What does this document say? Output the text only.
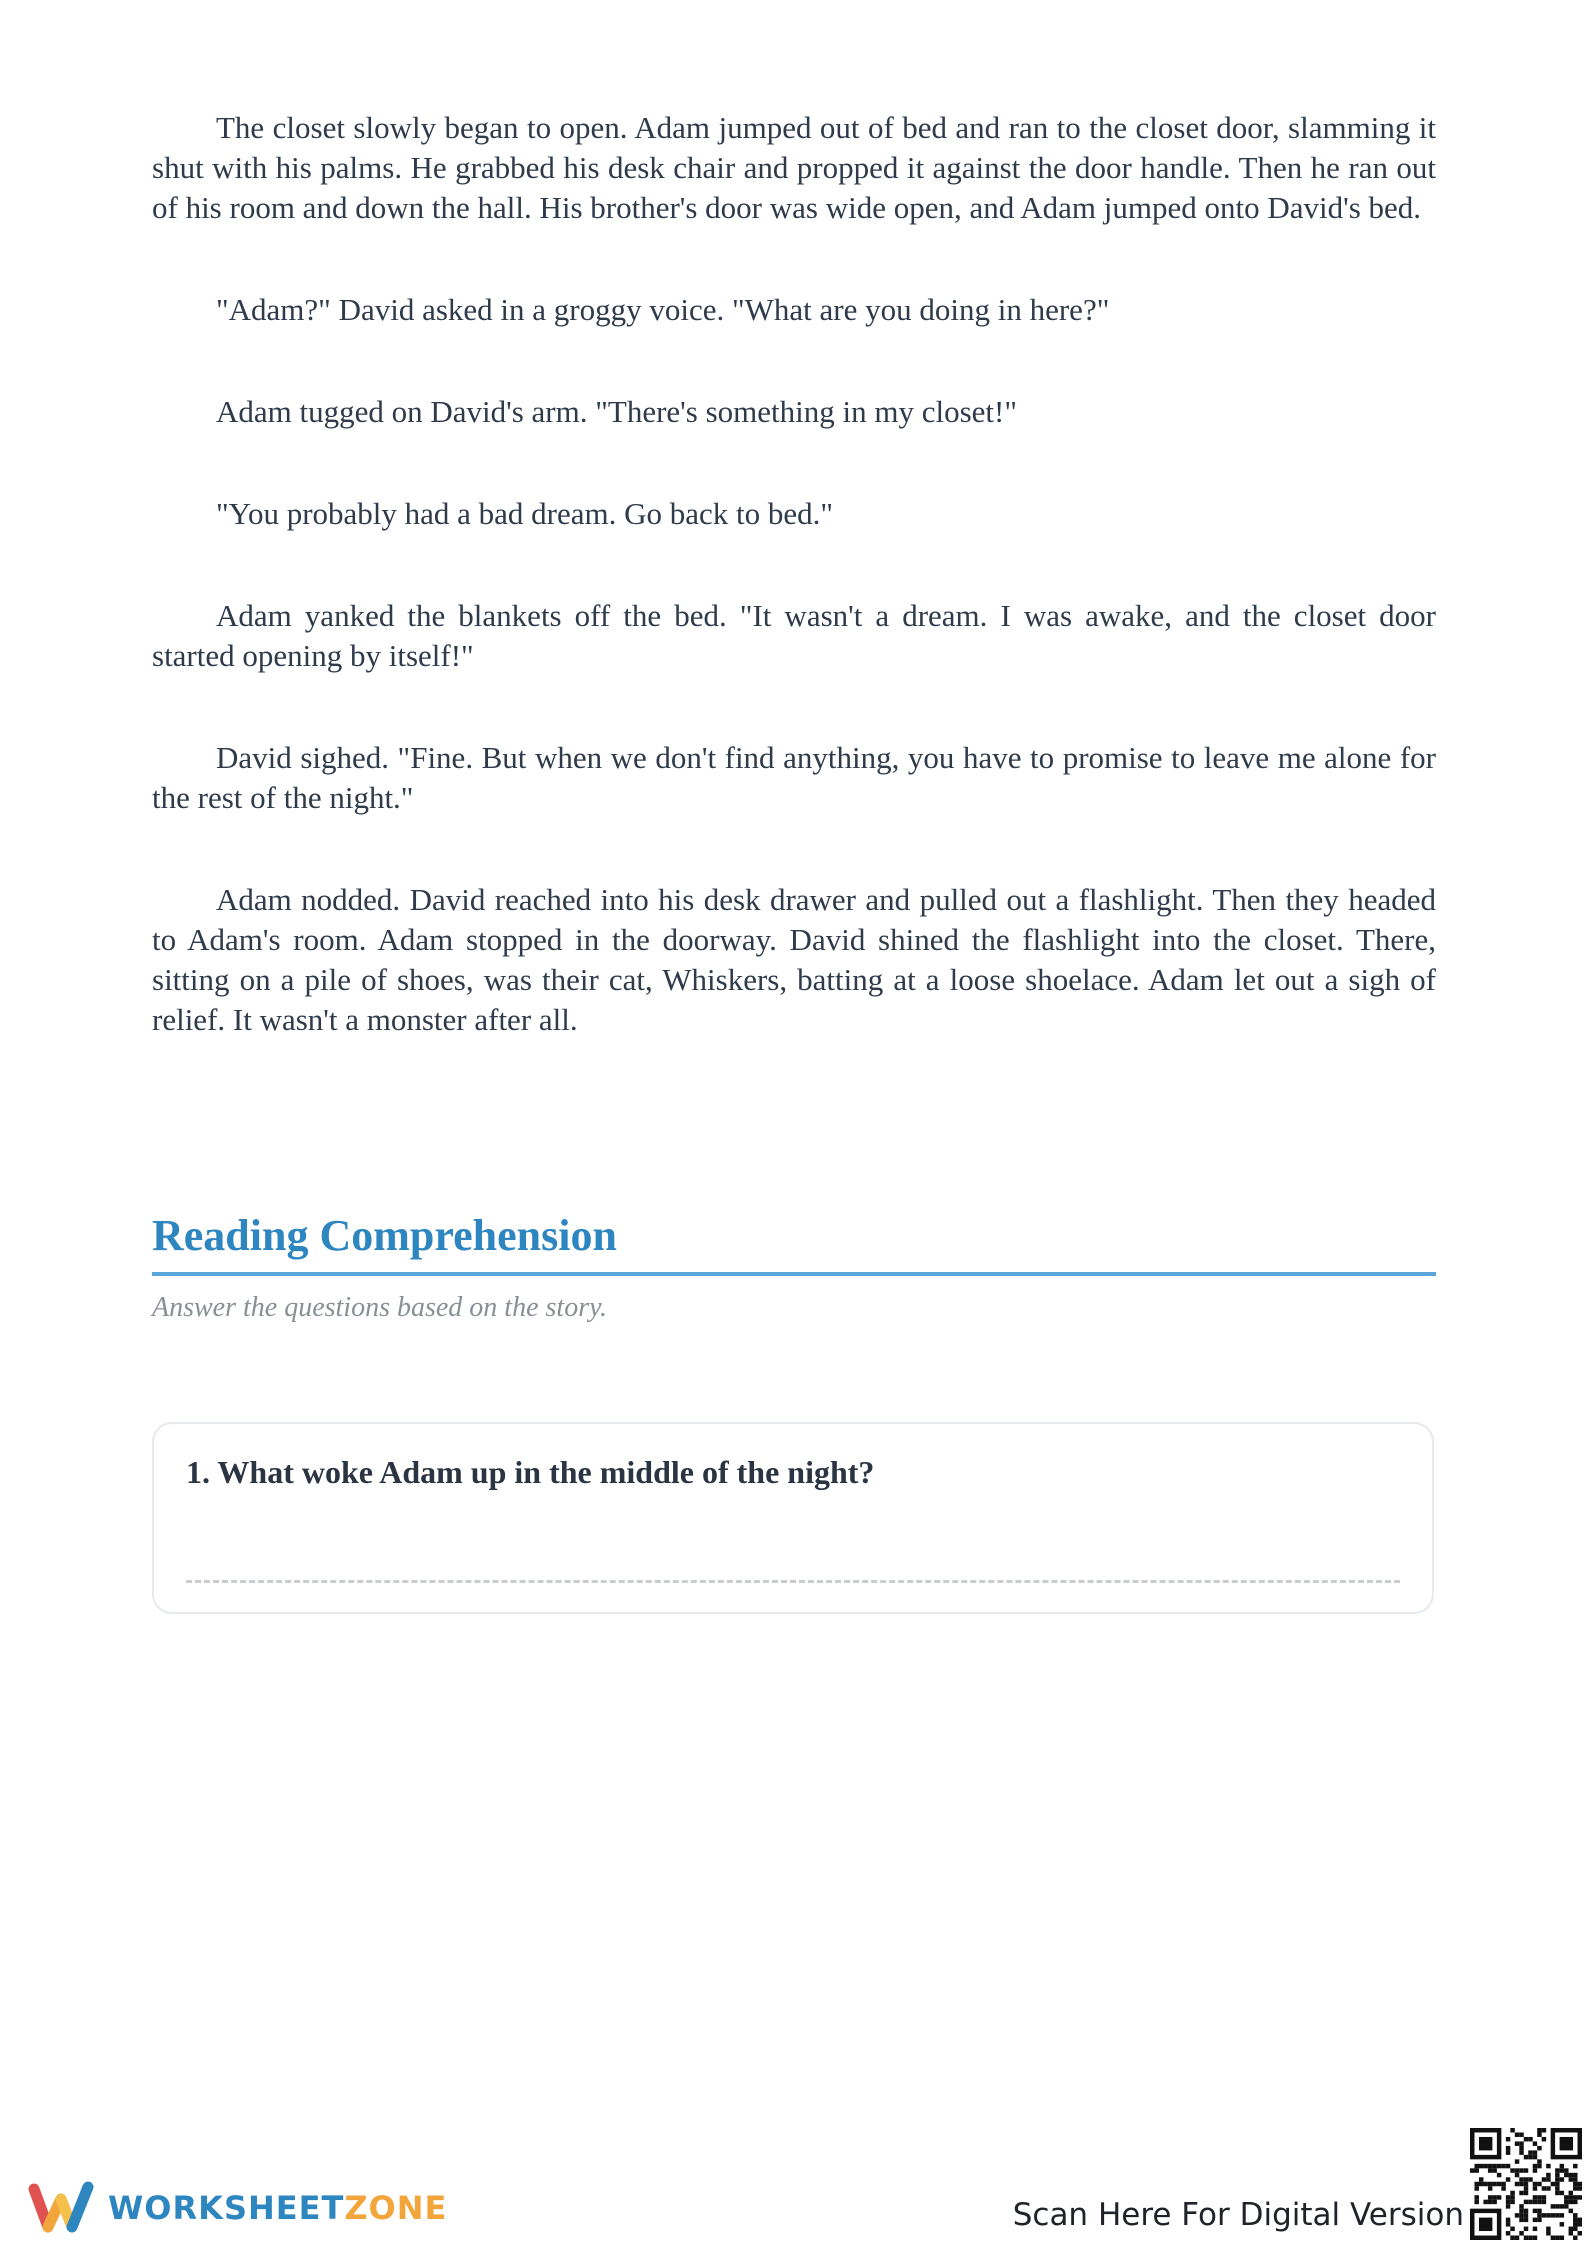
The closet slowly began to open. Adam jumped out of bed and ran to the closet door, slamming it shut with his palms. He grabbed his desk chair and propped it against the door handle. Then he ran out of his room and down the hall. His brother's door was wide open, and Adam jumped onto David's bed.

"Adam?" David asked in a groggy voice. "What are you doing in here?"

Adam tugged on David's arm. "There's something in my closet!"

"You probably had a bad dream. Go back to bed."

Adam yanked the blankets off the bed. "It wasn't a dream. I was awake, and the closet door started opening by itself!"

David sighed. "Fine. But when we don't find anything, you have to promise to leave me alone for the rest of the night."

Adam nodded. David reached into his desk drawer and pulled out a flashlight. Then they headed to Adam's room. Adam stopped in the doorway. David shined the flashlight into the closet. There, sitting on a pile of shoes, was their cat, Whiskers, batting at a loose shoelace. Adam let out a sigh of relief. It wasn't a monster after all.

Reading Comprehension
Answer the questions based on the story.
1. What woke Adam up in the middle of the night?
WORKSHEETZONE	Scan Here For Digital Version
